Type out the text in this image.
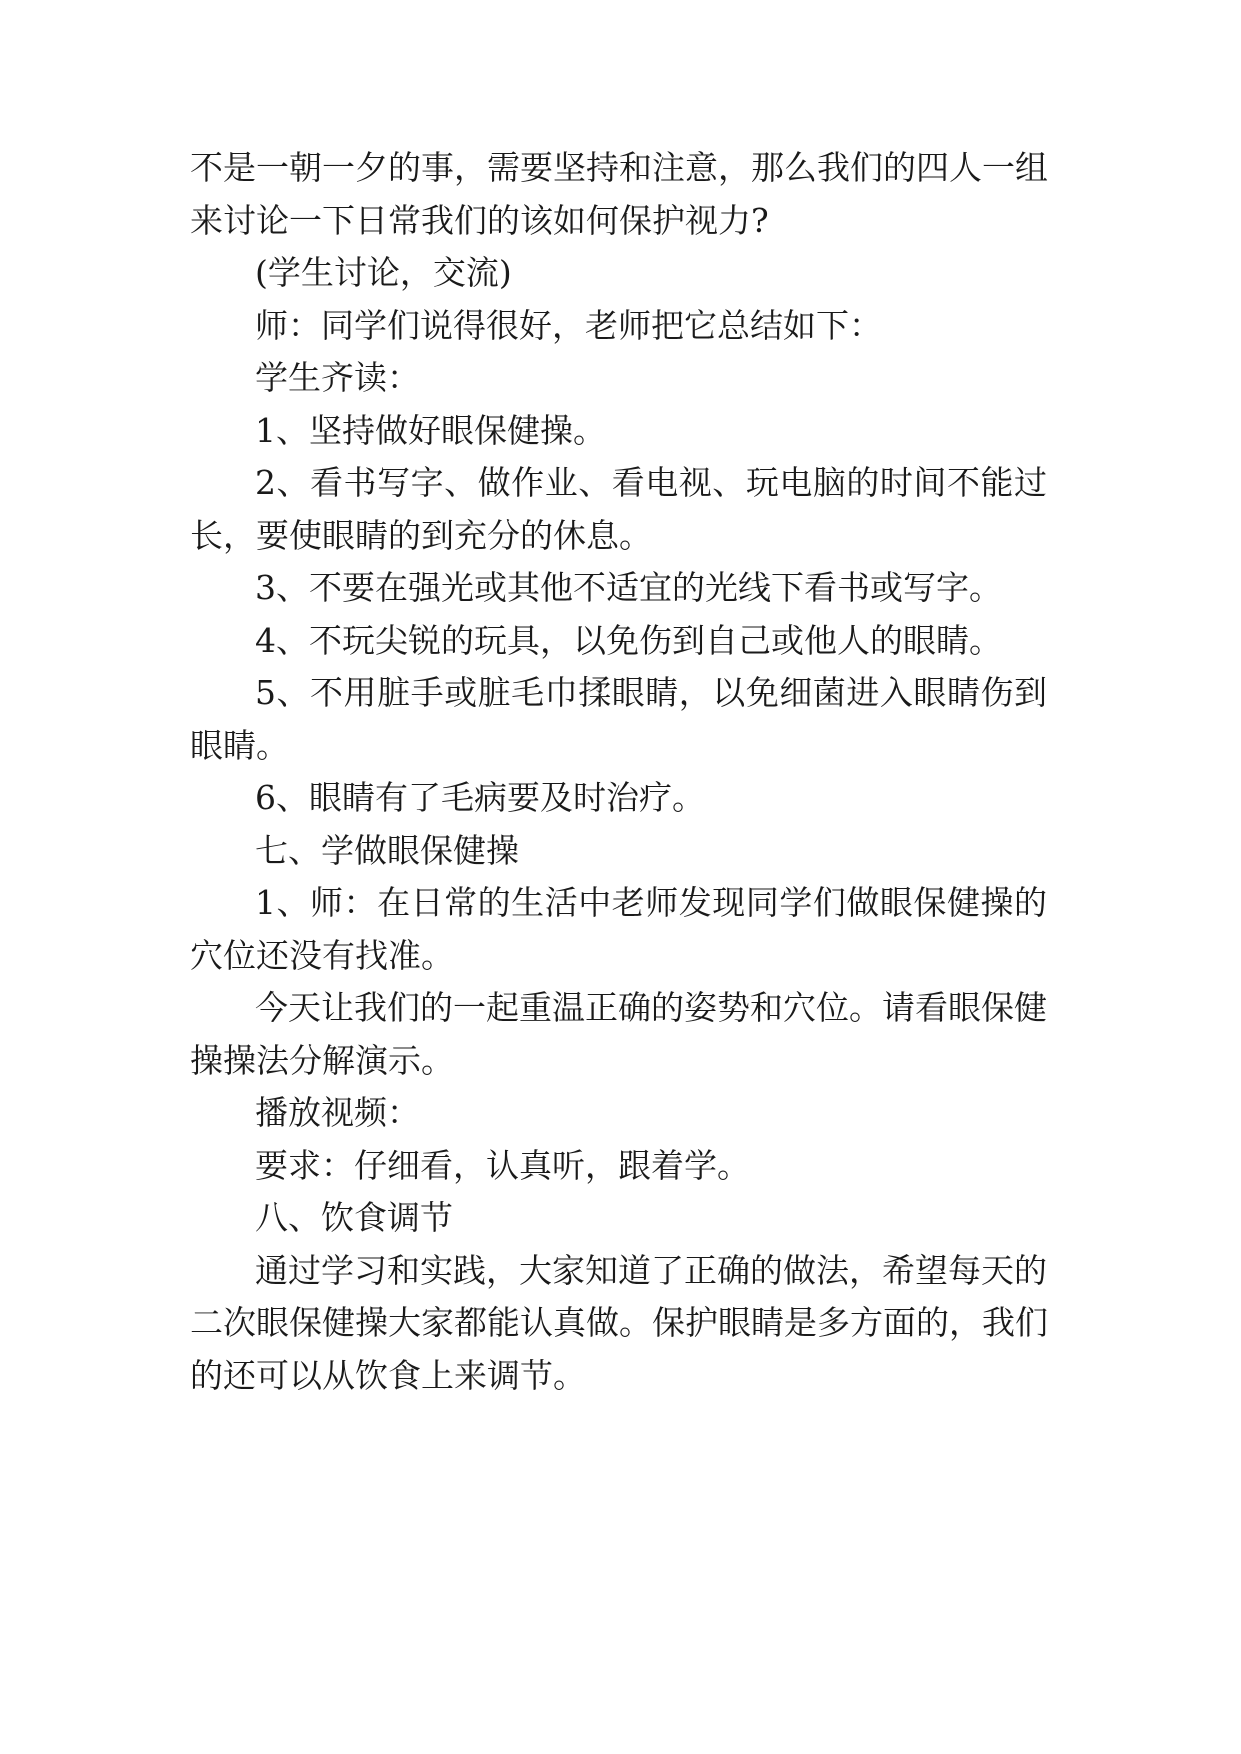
不是一朝一夕的事，需要坚持和注意，那么我们的四人一组
来讨论一下日常我们的该如何保护视力?
(学生讨论，交流)
师：同学们说得很好，老师把它总结如下：
学生齐读：
1、坚持做好眼保健操。
2、看书写字、做作业、看电视、玩电脑的时间不能过
长，要使眼睛的到充分的休息。
3、不要在强光或其他不适宜的光线下看书或写字。
4、不玩尖锐的玩具，以免伤到自己或他人的眼睛。
5、不用脏手或脏毛巾揉眼睛，以免细菌进入眼睛伤到
眼睛。
6、眼睛有了毛病要及时治疗。
七、学做眼保健操
1、师：在日常的生活中老师发现同学们做眼保健操的
穴位还没有找准。
今天让我们的一起重温正确的姿势和穴位。请看眼保健
操操法分解演示。
播放视频：
要求：仔细看，认真听，跟着学。
八、饮食调节
通过学习和实践，大家知道了正确的做法，希望每天的
二次眼保健操大家都能认真做。保护眼睛是多方面的，我们
的还可以从饮食上来调节。
